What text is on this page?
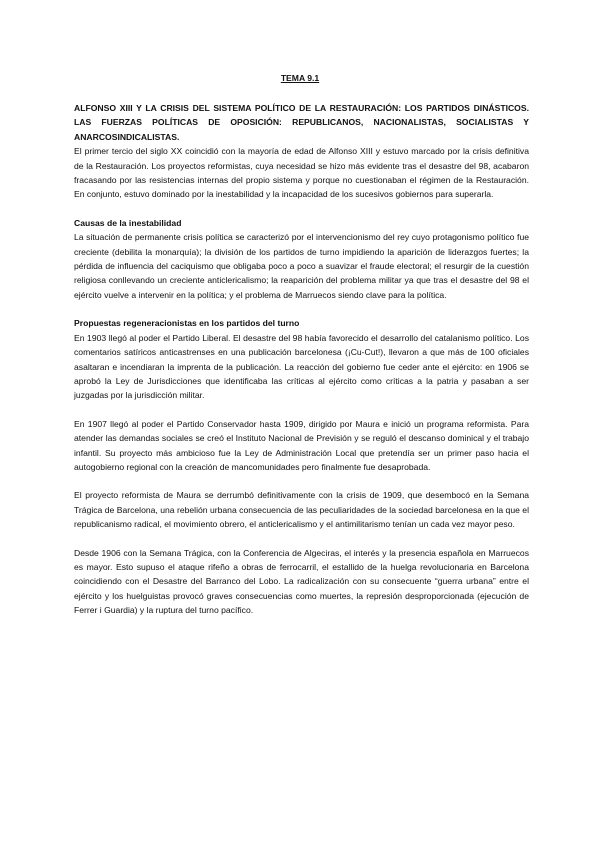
TEMA 9.1

ALFONSO XIII Y LA CRISIS DEL SISTEMA POLÍTICO DE LA RESTAURACIÓN: LOS PARTIDOS DINÁSTICOS. LAS FUERZAS POLÍTICAS DE OPOSICIÓN: REPUBLICANOS, NACIONALISTAS, SOCIALISTAS Y ANARCOSINDICALISTAS.

El primer tercio del siglo XX coincidió con la mayoría de edad de Alfonso XIII y estuvo marcado por la crisis definitiva de la Restauración. Los proyectos reformistas, cuya necesidad se hizo más evidente tras el desastre del 98, acabaron fracasando por las resistencias internas del propio sistema y porque no cuestionaban el régimen de la Restauración. En conjunto, estuvo dominado por la inestabilidad y la incapacidad de los sucesivos gobiernos para superarla.

Causas de la inestabilidad

La situación de permanente crisis política se caracterizó por el intervencionismo del rey cuyo protagonismo político fue creciente (debilita la monarquía); la división de los partidos de turno impidiendo la aparición de liderazgos fuertes; la pérdida de influencia del caciquismo que obligaba poco a poco a suavizar el fraude electoral; el resurgir de la cuestión religiosa conllevando un creciente anticlericalismo; la reaparición del problema militar ya que tras el desastre del 98 el ejército vuelve a intervenir en la política; y el problema de Marruecos siendo clave para la política.

Propuestas regeneracionistas en los partidos del turno

En 1903 llegó al poder el Partido Liberal. El desastre del 98 había favorecido el desarrollo del catalanismo político. Los comentarios satíricos anticastrenses en una publicación barcelonesa (¡Cu-Cut!), llevaron a que más de 100 oficiales asaltaran e incendiaran la imprenta de la publicación. La reacción del gobierno fue ceder ante el ejército: en 1906 se aprobó la Ley de Jurisdicciones que identificaba las críticas al ejército como críticas a la patria y pasaban a ser juzgadas por la jurisdicción militar.

En 1907 llegó al poder el Partido Conservador hasta 1909, dirigido por Maura e inició un programa reformista. Para atender las demandas sociales se creó el Instituto Nacional de Previsión y se reguló el descanso dominical y el trabajo infantil. Su proyecto más ambicioso fue la Ley de Administración Local que pretendía ser un primer paso hacia el autogobierno regional con la creación de mancomunidades pero finalmente fue desaprobada.

El proyecto reformista de Maura se derrumbó definitivamente con la crisis de 1909, que desembocó en la Semana Trágica de Barcelona, una rebelión urbana consecuencia de las peculiaridades de la sociedad barcelonesa en la que el republicanismo radical, el movimiento obrero, el anticlericalismo y el antimilitarismo tenían un cada vez mayor peso.

Desde 1906 con la Semana Trágica, con la Conferencia de Algeciras, el interés y la presencia española en Marruecos es mayor. Esto supuso el ataque rifeño a obras de ferrocarril, el estallido de la huelga revolucionaria en Barcelona coincidiendo con el Desastre del Barranco del Lobo. La radicalización con su consecuente “guerra urbana” entre el ejército y los huelguistas provocó graves consecuencias como muertes, la represión desproporcionada (ejecución de Ferrer i Guardia) y la ruptura del turno pacífico.
